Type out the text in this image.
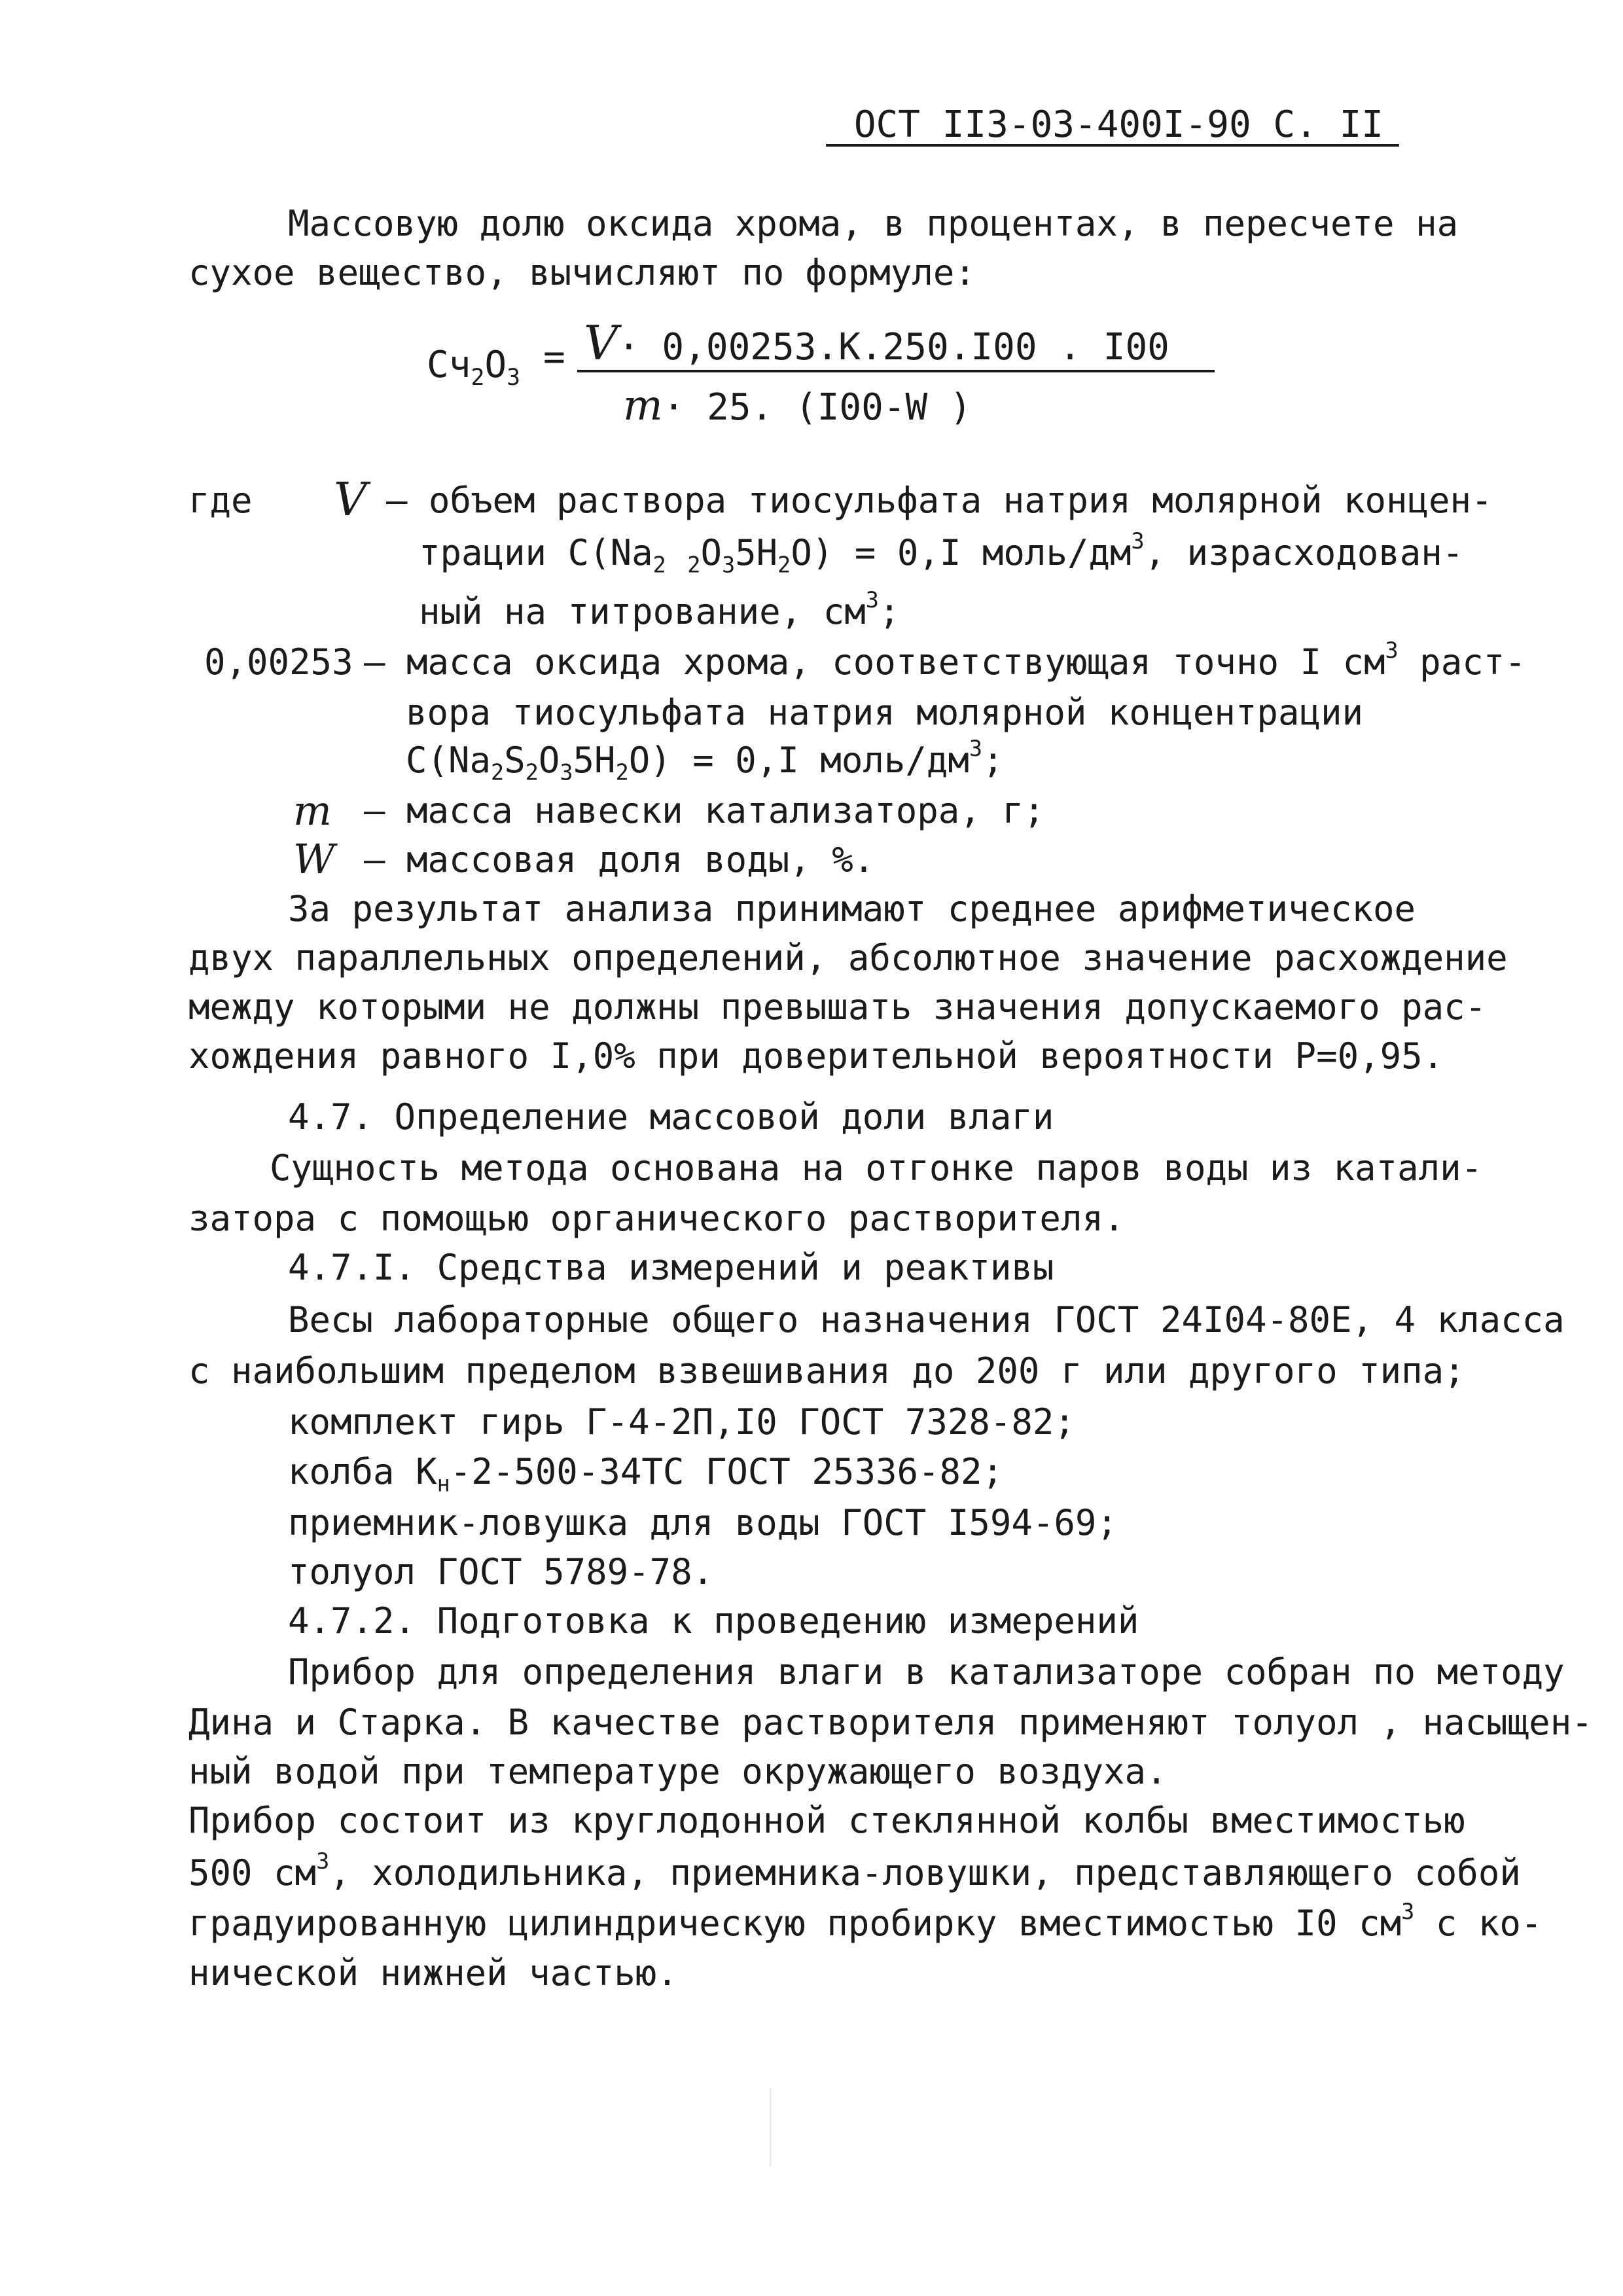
ОСТ II3-03-400I-90 С. II
Массовую долю оксида хрома, в процентах, в пересчете на
сухое вещество, вычисляют по формуле:
$Сч_2О_3 = V\cdot 0,00253.К.250.I00$ . I00
m· 25. (I00-W )
где V – объем раствора тиосульфата натрия молярной концен-
трации $С(Nа_2$ $_2О_35Н_2О) = 0,I$ моль/$дм^3$, израсходован-
ный на титрование, $см^3$;
0,00253 – масса оксида хрома, соответствующая точно I $см^3$ раст-
вора тиосульфата натрия молярной концентрации
$С(Nа_2S_2О_35Н_2О) = 0,I$ моль/$дм^3$;
m – масса навески катализатора, г;
W – массовая доля воды, %.
За результат анализа принимают среднее арифметическое
двух параллельных определений, абсолютное значение расхождение
между которыми не должны превышать значения допускаемого рас-
хождения равного I,0% при доверительной вероятности Р=0,95.
4.7. Определение массовой доли влаги
Сущность метода основана на отгонке паров воды из катали-
затора с помощью органического растворителя.
4.7.I. Средства измерений и реактивы
Весы лабораторные общего назначения ГОСТ 24I04-80Е, 4 класса
с наибольшим пределом взвешивания до 200 г или другого типа;
комплект гирь Г-4-2П,I0 ГОСТ 7328-82;
колба $К_н-2-500-34ТС$ ГОСТ 25336-82;
приемник-ловушка для воды ГОСТ I594-69;
толуол ГОСТ 5789-78.
4.7.2. Подготовка к проведению измерений
Прибор для определения влаги в катализаторе собран по методу
Дина и Старка. В качестве растворителя применяют толуол , насыщен-
ный водой при температуре окружающего воздуха.
Прибор состоит из круглодонной стеклянной колбы вместимостью
500 $см^3$, холодильника, приемника-ловушки, представляющего собой
градуированную цилиндрическую пробирку вместимостью I0 $см^3$ с ко-
нической нижней частью.
